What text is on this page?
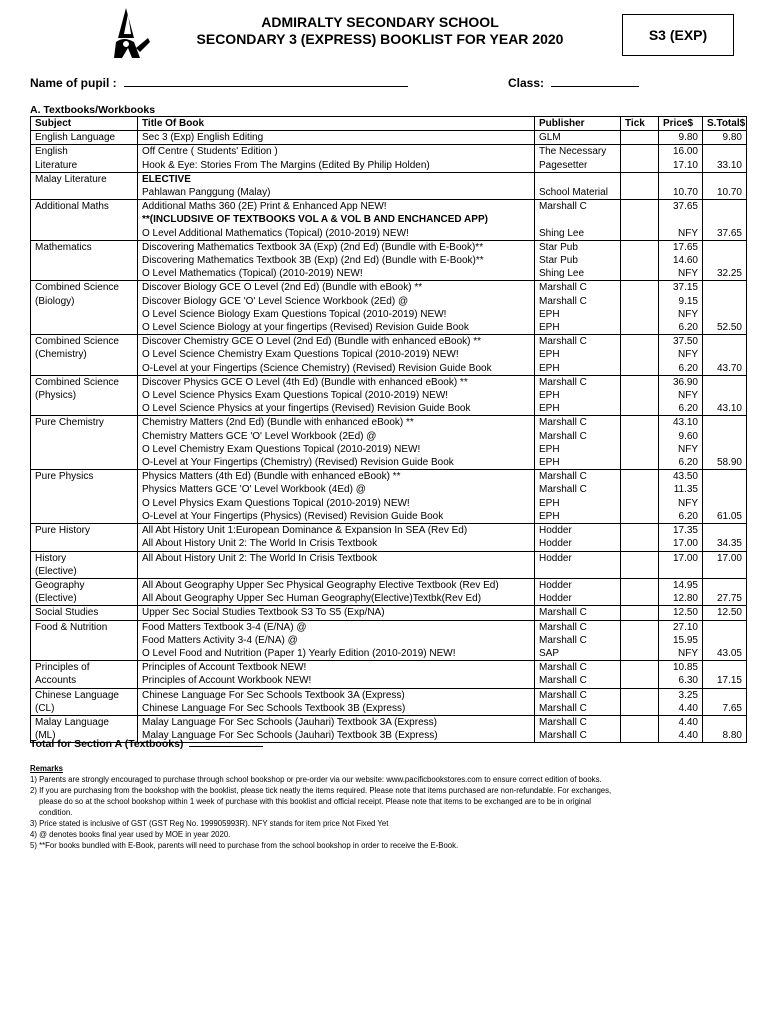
ADMIRALTY SECONDARY SCHOOL
SECONDARY 3 (EXPRESS) BOOKLIST FOR YEAR 2020	S3 (EXP)
Name of pupil :	Class:
A. Textbooks/Workbooks
Subject	Title Of Book	Publisher	Tick	Price$	S.Total$
English Language	Sec 3 (Exp) English Editing	GLM		9.80	9.80
English	Off Centre ( Students' Edition )	The Necessary		16.00	
Literature	Hook & Eye: Stories From The Margins (Edited By Philip Holden)	Pagesetter		17.10	33.10
Malay Literature	ELECTIVE				
	Pahlawan Panggung (Malay)	School Material		10.70	10.70
Additional Maths	Additional Maths 360 (2E) Print & Enhanced App NEW!	Marshall C		37.65	
	**(INCLUDSIVE OF TEXTBOOKS VOL A & VOL B AND ENCHANCED APP)				
	O Level Additional Mathematics (Topical) (2010-2019) NEW!	Shing Lee		NFY	37.65
Mathematics	Discovering Mathematics Textbook 3A (Exp) (2nd Ed) (Bundle with E-Book)**	Star Pub		17.65	
	Discovering Mathematics Textbook 3B (Exp) (2nd Ed) (Bundle with E-Book)**	Star Pub		14.60	
	O Level Mathematics (Topical) (2010-2019) NEW!	Shing Lee		NFY	32.25
Combined Science	Discover Biology GCE O Level (2nd Ed) (Bundle with eBook) **	Marshall C		37.15	
(Biology)	Discover Biology GCE 'O' Level Science Workbook (2Ed) @	Marshall C		9.15	
	O Level Science Biology Exam Questions Topical (2010-2019) NEW!	EPH		NFY	
	O Level Science Biology at your fingertips (Revised) Revision Guide Book	EPH		6.20	52.50
Combined Science	Discover Chemistry GCE O Level (2nd Ed) (Bundle with enhanced eBook) **	Marshall C		37.50	
(Chemistry)	O Level Science Chemistry Exam Questions Topical (2010-2019) NEW!	EPH		NFY	
	O-Level at your Fingertips (Science Chemistry) (Revised) Revision Guide Book	EPH		6.20	43.70
Combined Science	Discover Physics GCE O Level (4th Ed) (Bundle with enhanced eBook) **	Marshall C		36.90	
(Physics)	O Level Science Physics Exam Questions Topical (2010-2019) NEW!	EPH		NFY	
	O Level Science Physics at your fingertips (Revised) Revision Guide Book	EPH		6.20	43.10
Pure Chemistry	Chemistry Matters (2nd Ed) (Bundle with enhanced eBook) **	Marshall C		43.10	
	Chemistry Matters GCE 'O' Level Workbook (2Ed) @	Marshall C		9.60	
	O Level Chemistry Exam Questions Topical (2010-2019) NEW!	EPH		NFY	
	O-Level at Your Fingertips (Chemistry) (Revised) Revision Guide Book	EPH		6.20	58.90
Pure Physics	Physics Matters (4th Ed) (Bundle with enhanced eBook) **	Marshall C		43.50	
	Physics Matters GCE 'O' Level Workbook (4Ed) @	Marshall C		11.35	
	O Level Physics Exam Questions Topical (2010-2019) NEW!	EPH		NFY	
	O-Level at Your Fingertips (Physics) (Revised) Revision Guide Book	EPH		6.20	61.05
Pure History	All Abt History Unit 1:European Dominance & Expansion In SEA (Rev Ed)	Hodder		17.35	
	All About History Unit 2: The World In Crisis Textbook	Hodder		17.00	34.35
History	All About History Unit 2: The World In Crisis Textbook	Hodder		17.00	17.00
(Elective)					
Geography	All About Geography Upper Sec Physical Geography Elective Textbook (Rev Ed)	Hodder		14.95	
(Elective)	All About Geography Upper Sec Human Geography(Elective)Textbk(Rev Ed)	Hodder		12.80	27.75
Social Studies	Upper Sec Social Studies Textbook S3 To S5 (Exp/NA)	Marshall C		12.50	12.50
Food & Nutrition	Food Matters Textbook 3-4 (E/NA) @	Marshall C		27.10	
	Food Matters Activity 3-4 (E/NA) @	Marshall C		15.95	
	O Level Food and Nutrition (Paper 1) Yearly Edition (2010-2019) NEW!	SAP		NFY	43.05
Principles of	Principles of Account Textbook NEW!	Marshall C		10.85	
Accounts	Principles of Account Workbook NEW!	Marshall C		6.30	17.15
Chinese Language	Chinese Language For Sec Schools Textbook 3A (Express)	Marshall C		3.25	
(CL)	Chinese Language For Sec Schools Textbook 3B (Express)	Marshall C		4.40	7.65
Malay Language	Malay Language For Sec Schools (Jauhari) Textbook 3A (Express)	Marshall C		4.40	
(ML)	Malay Language For Sec Schools (Jauhari) Textbook 3B (Express)	Marshall C		4.40	8.80
Total for Section A (Textbooks)
Remarks
1) Parents are strongly encouraged to purchase through school bookshop or pre-order via our website: www.pacificbookstores.com to ensure correct edition of books.
2) If you are purchasing from the bookshop with the booklist, please tick neatly the items required. Please note that items purchased are non-refundable. For exchanges,
please do so at the school bookshop within 1 week of purchase with this booklist and official receipt. Please note that items to be exchanged are to be in original
condition.
3) Price stated is inclusive of GST (GST Reg No. 199905993R). NFY stands for item price Not Fixed Yet
4) @ denotes books final year used by MOE in year 2020.
5) **For books bundled with E-Book, parents will need to purchase from the school bookshop in order to receive the E-Book.
